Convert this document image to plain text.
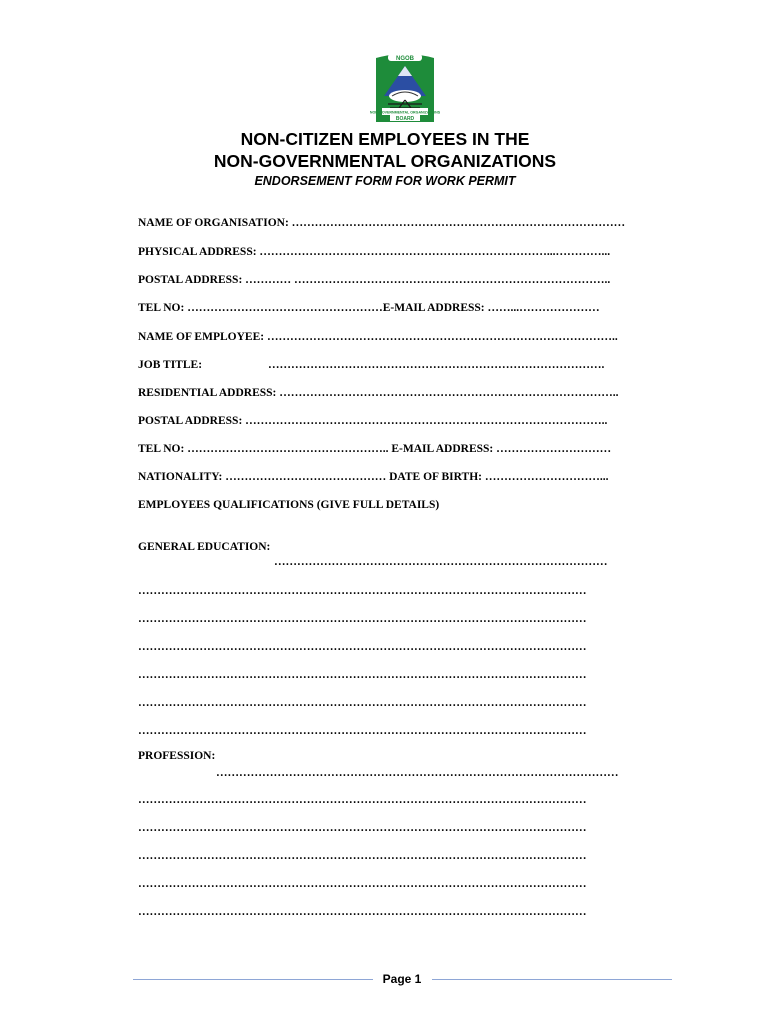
NGOB
NON-GOVERNMENTAL ORGANIZATIONS
BOARD
NON-CITIZEN EMPLOYEES IN THE
NON-GOVERNMENTAL ORGANIZATIONS
ENDORSEMENT FORM FOR WORK PERMIT
NAME OF ORGANISATION: ……………………………………………………………………………
PHYSICAL ADDRESS: …………………………………………………………………...…………...
POSTAL ADDRESS: ………… ………………………………………………………………………..
TEL NO: ……………………………………………E-MAIL ADDRESS: ……...…………………
NAME OF EMPLOYEE: ………………………………………………………………………………..
JOB TITLE:	…………………………………………………………………………….
RESIDENTIAL ADDRESS: ……………………………………………………………………………..
POSTAL ADDRESS: …………………………………………………………………………………..
TEL NO: …………………………………………….. E-MAIL ADDRESS: …………………………
NATIONALITY: …………………………………… DATE OF BIRTH: …………………………...
EMPLOYEES QUALIFICATIONS (GIVE FULL DETAILS)
GENERAL EDUCATION:
……………………………………………………………………………
………………………………………………………………………………………………………
………………………………………………………………………………………………………
………………………………………………………………………………………………………
………………………………………………………………………………………………………
………………………………………………………………………………………………………
………………………………………………………………………………………………………
PROFESSION:
……………………………………………………………………………………………
………………………………………………………………………………………………………
………………………………………………………………………………………………………
………………………………………………………………………………………………………
………………………………………………………………………………………………………
………………………………………………………………………………………………………
Page 1
